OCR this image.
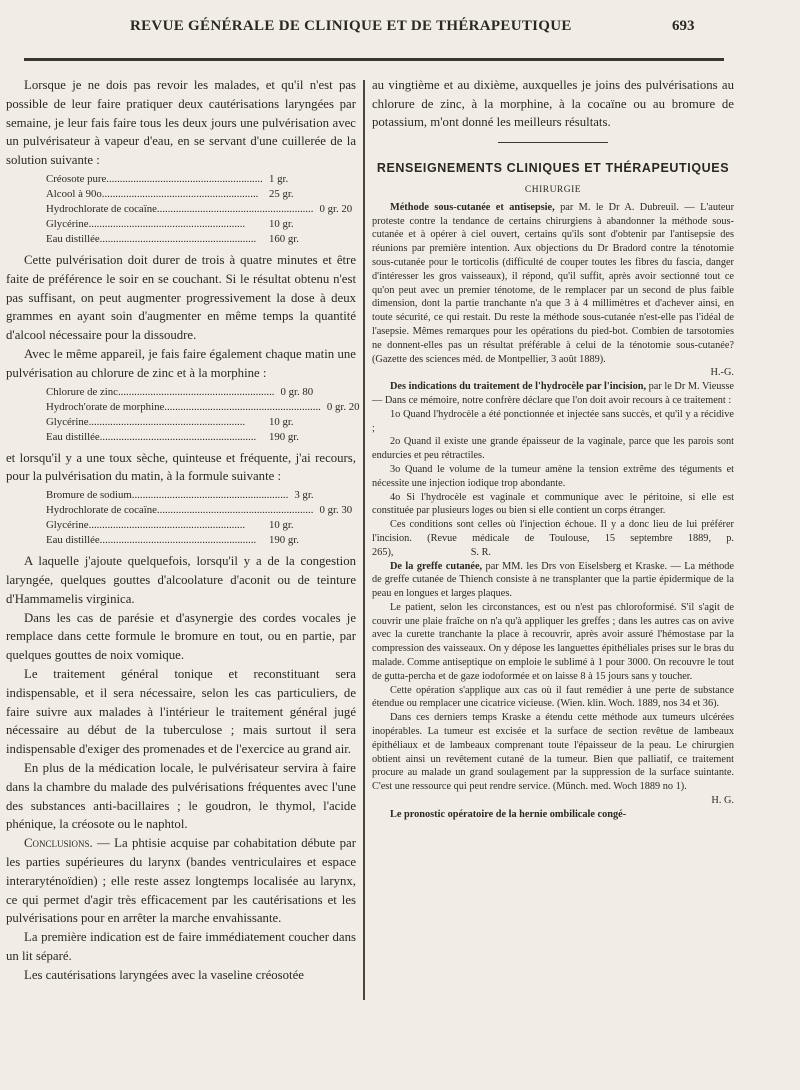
REVUE GÉNÉRALE DE CLINIQUE ET DE THÉRAPEUTIQUE	693

Lorsque je ne dois pas revoir les malades, et qu'il n'est pas possible de leur faire pratiquer deux cautérisations laryngées par semaine, je leur fais faire tous les deux jours une pulvérisation avec un pulvérisateur à vapeur d'eau, en se servant d'une cuillerée de la solution suivante :

Créosote pure.......................................................... 1 gr.
Alcool à 90o.......................................................... 25 gr.
Hydrochlorate de cocaïne.......................................................... 0 gr. 20
Glycérine..........................................................	10 gr.
Eau distillée..........................................................	160 gr.

Cette pulvérisation doit durer de trois à quatre minutes et être faite de préférence le soir en se couchant. Si le résultat obtenu n'est pas suffisant, on peut augmenter progressivement la dose à deux grammes en ayant soin d'augmenter en même temps la quantité d'alcool nécessaire pour la dissoudre.

Avec le même appareil, je fais faire également chaque matin une pulvérisation au chlorure de zinc et à la morphine :

Chlorure de zinc.......................................................... 0 gr. 80
Hydroch'orate de morphine.......................................................... 0 gr. 20
Glycérine..........................................................	10 gr.
Eau distillée..........................................................	190 gr.

et lorsqu'il y a une toux sèche, quinteuse et fréquente, j'ai recours, pour la pulvérisation du matin, à la formule suivante :

Bromure de sodium.......................................................... 3 gr.
Hydrochlorate de cocaïne.......................................................... 0 gr. 30
Glycérine..........................................................	10 gr.
Eau distillée..........................................................	190 gr.

A laquelle j'ajoute quelquefois, lorsqu'il y a de la congestion laryngée, quelques gouttes d'alcoolature d'aconit ou de teinture d'Hammamelis virginica.

Dans les cas de parésie et d'asynergie des cordes vocales je remplace dans cette formule le bromure en tout, ou en partie, par quelques gouttes de noix vomique.

Le traitement général tonique et reconstituant sera indispensable, et il sera nécessaire, selon les cas particuliers, de faire suivre aux malades à l'intérieur le traitement général jugé nécessaire au début de la tuberculose ; mais surtout il sera indispensable d'exiger des promenades et de l'exercice au grand air.

En plus de la médication locale, le pulvérisateur servira à faire dans la chambre du malade des pulvérisations fréquentes avec l'une des substances anti-bacillaires ; le goudron, le thymol, l'acide phénique, la créosote ou le naphtol.

Conclusions. — La phtisie acquise par cohabitation débute par les parties supérieures du larynx (bandes ventriculaires et espace interaryténoïdien) ; elle reste assez longtemps localisée au larynx, ce qui permet d'agir très efficacement par les cautérisations et les pulvérisations pour en arrêter la marche envahissante.

La première indication est de faire immédiatement coucher dans un lit séparé.

Les cautérisations laryngées avec la vaseline créosotée

au vingtième et au dixième, auxquelles je joins des pulvérisations au chlorure de zinc, à la morphine, à la cocaïne ou au bromure de potassium, m'ont donné les meilleurs résultats.

RENSEIGNEMENTS CLINIQUES ET THÉRAPEUTIQUES
CHIRURGIE

Méthode sous-cutanée et antisepsie, par M. le Dr A. Dubreuil. — L'auteur proteste contre la tendance de certains chirurgiens à abandonner la méthode sous-cutanée et à opérer à ciel ouvert, certains qu'ils sont d'obtenir par l'antisepsie des réunions par première intention. Aux objections du Dr Bradord contre la ténotomie sous-cutanée pour le torticolis (difficulté de couper toutes les fibres du fascia, danger d'intéresser les gros vaisseaux), il répond, qu'il suffit, après avoir sectionné tout ce qu'on peut avec un premier ténotome, de le remplacer par un second de plus faible dimension, dont la partie tranchante n'a que 3 à 4 millimètres et d'achever ainsi, en toute sécurité, ce qui restait. Du reste la méthode sous-cutanée n'est-elle pas l'idéal de l'asepsie. Mêmes remarques pour les opérations du pied-bot. Combien de tarsotomies ne donnent-elles pas un résultat préférable à celui de la ténotomie sous-cutanée? (Gazette des sciences méd. de Montpellier, 3 août 1889).

H.-G.

Des indications du traitement de l'hydrocèle par l'incision, par le Dr M. Vieusse — Dans ce mémoire, notre confrère déclare que l'on doit avoir recours à ce traitement :

1o Quand l'hydrocèle a été ponctionnée et injectée sans succès, et qu'il y a récidive ;

2o Quand il existe une grande épaisseur de la vaginale, parce que les parois sont endurcies et peu rétractiles.

3o Quand le volume de la tumeur amène la tension extrême des téguments et nécessite une injection iodique trop abondante.

4o Si l'hydrocèle est vaginale et communique avec le péritoine, si elle est constituée par plusieurs loges ou bien si elle contient un corps étranger.

Ces conditions sont celles où l'injection échoue. Il y a donc lieu de lui préférer l'incision. (Revue médicale de Toulouse, 15 septembre 1889, p. 265),	S. R.

De la greffe cutanée, par MM. les Drs von Eiselsberg et Kraske. — La méthode de greffe cutanée de Thiench consiste à ne transplanter que la partie épidermique de la peau en longues et larges plaques.

Le patient, selon les circonstances, est ou n'est pas chloroformisé. S'il s'agit de couvrir une plaie fraîche on n'a qu'à appliquer les greffes ; dans les autres cas on avive avec la curette tranchante la place à recouvrir, après avoir assuré l'hémostase par la compression des vaisseaux. On y dépose les languettes épithéliales prises sur le bras du malade. Comme antiseptique on emploie le sublimé à 1 pour 3000. On recouvre le tout de gutta-percha et de gaze iodoformée et on laisse 8 à 15 jours sans y toucher.

Cette opération s'applique aux cas où il faut remédier à une perte de substance étendue ou remplacer une cicatrice vicieuse. (Wien. klin. Woch. 1889, nos 34 et 36).

Dans ces derniers temps Kraske a étendu cette méthode aux tumeurs ulcérées inopérables. La tumeur est excisée et la surface de section revêtue de lambeaux épithéliaux et de lambeaux comprenant toute l'épaisseur de la peau. Le chirurgien obtient ainsi un revêtement cutané de la tumeur. Bien que palliatif, ce traitement procure au malade un grand soulagement par la suppression de la surface suintante. C'est une ressource qui peut rendre service. (Münch. med. Woch 1889 no 1).

H. G.

Le pronostic opératoire de la hernie ombilicale congé-
